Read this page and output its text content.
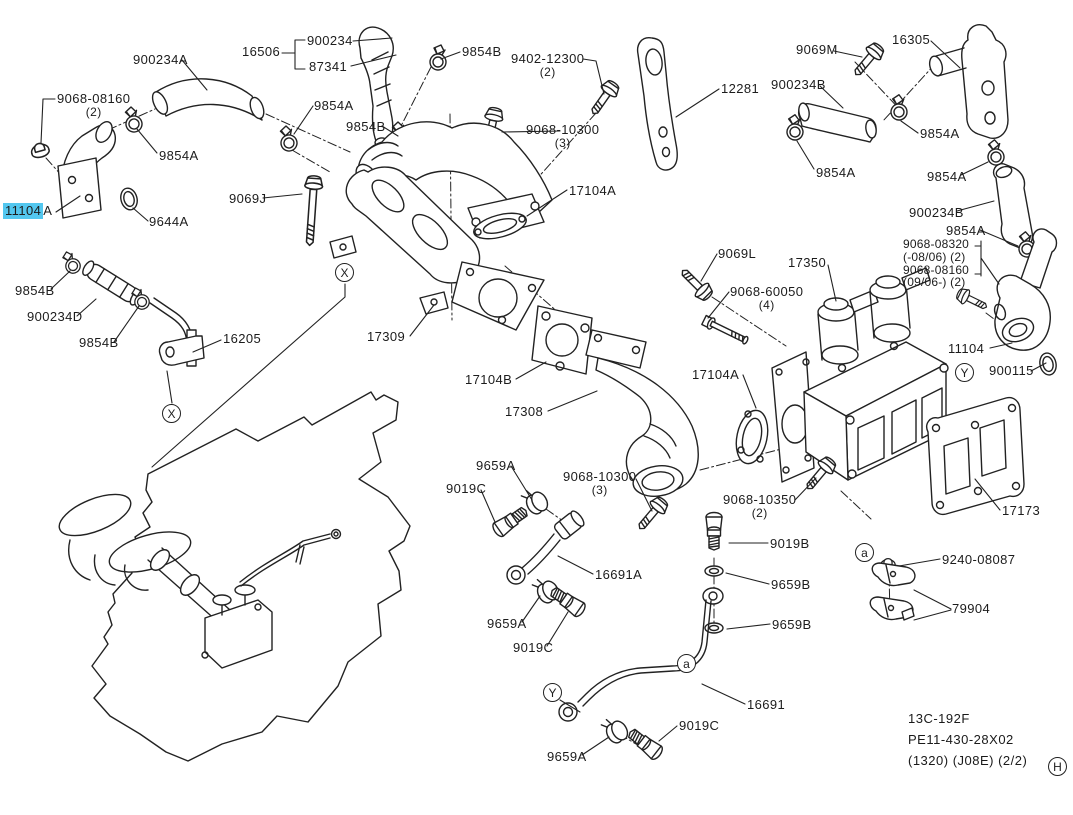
900234A
9068-08160
(2)
16506
900234
87341
9854A
9854B
9854B 9402-12300
(2)
9068-10300
(3)
17104A
12281
9069M
16305
900234B
9854A
9854A
9854A
900234B
9854A
9068-08320
(-08/06) (2)
9068-08160
(09/06-) (2)
9854A
9644A
9069J
11104 A
9854B
900234D
9854B	16205	17309
17104B
17308
9069L
17350
9068-60050
(4)
17104A
11104
900115
17173
9659A
9019C
9068-10300
(3)
16691A
9659A
9019C
9068-10350
(2)
9019B
9659B
9659B
16691
9019C
9659A
9240-08087
79904
X
X
Y
Y
a
a
H
13C-192F
PE11-430-28X02
(1320) (J08E) (2/2)
